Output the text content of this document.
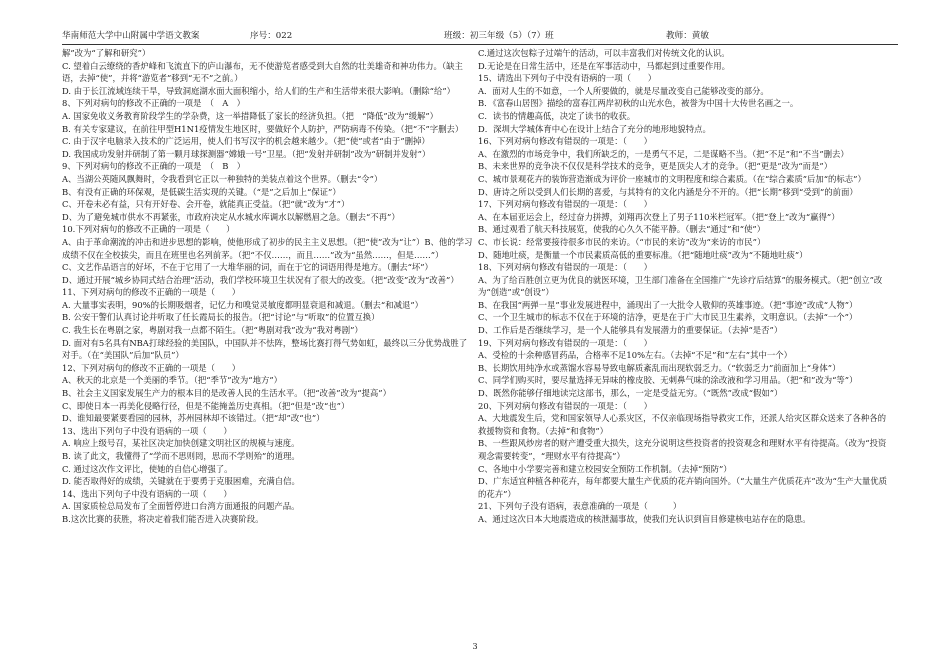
华南师范大学中山附属中学语文教案	序号：022	班级：初三年级（5）（7）班	教师：黄敏

解”改为“了解和研究”）

C. 望着白云缭绕的香炉峰和飞流直下的庐山瀑布，无不使游览者感受到大自然的壮美雄奇和神功伟力。（缺主语，去掉“使”，并将“游览者”移到“无不”之前。）

D. 由于长江流域连续干旱，导致洞庭湖水面大面积缩小，给人们的生产和生活带来很大影响。（删除“给”）

8、下列对病句的修改不正确的一项是　（　A　）

A. 国家免收义务教育阶段学生的学杂费，这一举措降低了家长的经济负担。（把　“降低”改为“缓解”）

B. 有关专家建议，在前往甲型H1N1疫情发生地区时，要做好个人防护，严防病毒不传染。（把“不”字删去）

C. 由于汉字电脑录入技术的广泛运用，使人们书写汉字的机会越来越少。（把“使”或者“由于”删掉）

D. 我国成功发射并研制了第一颗月球探测器“嫦娥一号”卫星。（把“发射并研制”改为“研制并发射”）

9、下列对病句的修改不正确的一项是　（　B　）

A、当湖公英随风飘舞时，令我看到它正以一种独特的美装点着这个世界。（删去“令”）

B、有没有正确的环保观，是低碳生活实现的关键。（“是”之后加上“保证”）

C、开卷未必有益，只有开好卷、会开卷，就能真正受益。（把“就”改为“才”）

D、为了避免城市供水不再紧张，市政府决定从水城水库调水以解燃眉之急。（删去“不再”）

10.下列对病句的修改不正确的一项是（　　）

A、由于革命潮流的冲击和进步思想的影响，使他形成了初步的民主主义思想。（把“使”改为“让”）B、他的学习成绩不仅在全校拔尖，而且在班里也名列前茅。（把“不仅……，而且……”改为“虽然……，但是……”）

C、文艺作品语言的好坏，不在于它用了一大堆华丽的词，而在于它的词语用得是地方。（删去“坏”）

D、通过开展“城乡协同式结合治理”活动，我们学校环境卫生状况有了很大的改变。（把“改变”改为“改善”）

11、下列对病句的修改不正确的一项是（　　）

A. 大量事实表明，90%的长期吸烟者，记忆力和嗅觉灵敏度都明显衰退和减退。（删去“和减退”）

B. 公安干警们认真讨论并听取了任长霞局长的报告。（把“讨论”与“听取”的位置互换）

C. 我生长在粤剧之家，粤剧对我一点都不陌生。（把“粤剧对我”改为“我对粤剧”）

D. 面对有5名具有NBA打球经验的美国队，中国队并不怯阵，整场比赛打得气势如虹，最终以三分优势战胜了对手。（在“美国队”后加“队员”）

12、下列对病句的修改不正确的一项是（　　）

A、秋天的北京是一个美丽的季节。（把“季节”改为“地方”）

B、社会主义国家发展生产力的根本目的是改善人民的生活水平。（把“改善”改为“提高”）

C、即使日本一再美化侵略行径，但是不能掩盖历史真相。（把“但是”改“也”）

D、谁知最要紧要看园的园林，苏州园林却不该错过。（把“却”改“也”）

13、选出下列句子中没有语病的一项（　　）

A. 响应上级号召，某社区决定加快创建文明社区的规模与速度。

B. 读了此文，我懂得了“学而不思则罔，思而不学则殆”的道理。

C. 通过这次作文评比，使她的自信心增强了。

D. 能否取得好的成绩，关键就在于要勇于克服困难，充满自信。

14、选出下列句子中没有语病的一项（　　）

A. 国家质检总局发布了全面暂停进口台湾方面通报的问题产品。

B.这次比赛的获胜，将决定着我们能否进入决赛阶段。

C.通过这次包粽子过端午的活动，可以丰富我们对传统文化的认识。

D.无论是在日常生活中，还是在军事活动中，马都起到过重要作用。

15、请选出下列句子中没有语病的一项（　　）

A．面对人生的不如意，一个人所要做的，就是尽量改变自己能够改变的部分。

B．《富春山居图》描绘的富春江两岸初秋的山光水色，被誉为中国十大传世名画之一。

C．读书的情趣高低，决定了读书的收获。

D．深圳大学城体育中心在设计上结合了充分的地形地貌特点。

16、下列对病句修改有错误的一项是：（　　）

A、在激烈的市场竞争中，我们所缺乏的，一是勇气不足，二是谋略不当。（把“不足”和“不当”删去）

B、未来世界的竞争决不仅仅是科学技术的竞争，更是顶尖人才的竞争。（把“更是”改为“而是”）

C、城市景观花卉的装饰营造渐成为评价一座城市的文明程度和综合素质。（在“综合素质”后加“的标志”）

D、唐诗之所以受到人们长期的喜爱，与其特有的文化内涵是分不开的。（把“长期”移到“受到”的前面）

17、下列对病句修改有错误的一项是：（　　）

A、在本届亚运会上，经过奋力拼搏，刘翔再次登上了男子110米栏冠军。（把“登上”改为“赢得”）

B、通过观看了航天科技展览，使我的心久久不能平静。（删去“通过”和“使”）

C、市长说：经常要接待很多市民的来访。（“市民的来访”改为“来访的市民”）

D、随地吐痰，是衡量一个市民素质高低的重要标准。（把“随地吐痰”改为“不随地吐痰”）

18、下列对病句修改有错误的一项是：（　　）

A、为了给百胜创立更为优良的就医环境，卫生部门准备在全国推广“先诊疗后结算”的服务模式。（把“创立”改为“创造”或“创设”）

B、在我国“两弹一星”事业发展进程中，涌现出了一大批令人敬仰的英雄事迹。（把“事迹”改成“人物”）

C、一个卫生城市的标志不仅在于环境的洁净，更是在于广大市民卫生素养，文明意识。（去掉“一个”）

D、工作后是否继续学习，是一个人能够具有发展潜力的重要保证。（去掉“是否”）

19、下列对病句修改有错误的一项是：（　　）

A、受检的十余种感冒药品，合格率不足10%左右。（去掉“不足”和“左右”其中一个）

B、长期饮用纯净水或蒸馏水容易导致电解质紊乱而出现软弱乏力。（“软弱乏力”前面加上“身体”）

C、同学们购买时，要尽量选择无异味的橡皮胶、无刺鼻气味的涂改液和学习用品。（把“和”改为“等”）

D、既然你能够仔细地读完这部书，那么，一定是受益无穷。（“既然”改成“假如”）

20、下列对病句修改有错误的一项是：（　　）

A、大地震发生后，党和国家领导人心系灾区，不仅亲临现场指导救灾工作，还派人给灾区群众送来了各种各的救援物资和食物。（去掉“和食物”）

B、一些跟风炒房者的财产遭受重大损失，这充分说明这些投资者的投资观念和理财水平有待提高。（改为“投资观念需要转变”，“理财水平有待提高”）

C、各地中小学要完善和建立校园安全预防工作机制。（去掉“预防”）

D、广东适宜种植各种花卉，每年都要大量生产优质的花卉销向国外。（“大量生产优质花卉”改为“生产大量优质的花卉”）

21、下列句子没有语病，表意准确的一项是（　　　）

A、通过这次日本大地震造成的核泄漏事故，使我们充认识到盲目修建核电站存在的隐患。

3
